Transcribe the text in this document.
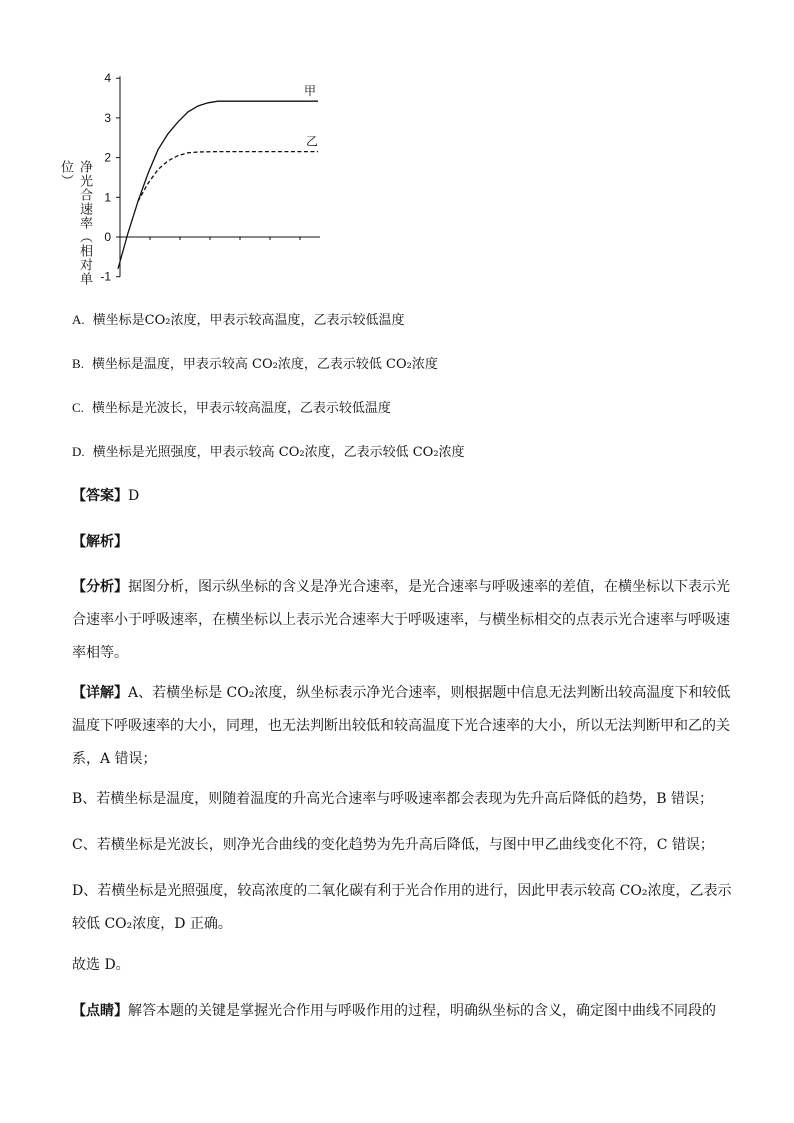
净光合速率（相对单位）
4
3
2
1
0
-1
甲
乙
A. 横坐标是CO₂浓度，甲表示较高温度，乙表示较低温度
B. 横坐标是温度，甲表示较高 CO₂浓度，乙表示较低 CO₂浓度
C. 横坐标是光波长，甲表示较高温度，乙表示较低温度
D. 横坐标是光照强度，甲表示较高 CO₂浓度，乙表示较低 CO₂浓度
【答案】D
【解析】
【分析】据图分析，图示纵坐标的含义是净光合速率，是光合速率与呼吸速率的差值，在横坐标以下表示光合速率小于呼吸速率，在横坐标以上表示光合速率大于呼吸速率，与横坐标相交的点表示光合速率与呼吸速率相等。
【详解】A、若横坐标是 CO₂浓度，纵坐标表示净光合速率，则根据题中信息无法判断出较高温度下和较低温度下呼吸速率的大小，同理，也无法判断出较低和较高温度下光合速率的大小，所以无法判断甲和乙的关系，A 错误；
B、若横坐标是温度，则随着温度的升高光合速率与呼吸速率都会表现为先升高后降低的趋势，B 错误；
C、若横坐标是光波长，则净光合曲线的变化趋势为先升高后降低，与图中甲乙曲线变化不符，C 错误；
D、若横坐标是光照强度，较高浓度的二氧化碳有利于光合作用的进行，因此甲表示较高 CO₂浓度，乙表示较低 CO₂浓度，D 正确。
故选 D。
【点睛】解答本题的关键是掌握光合作用与呼吸作用的过程，明确纵坐标的含义，确定图中曲线不同段的
